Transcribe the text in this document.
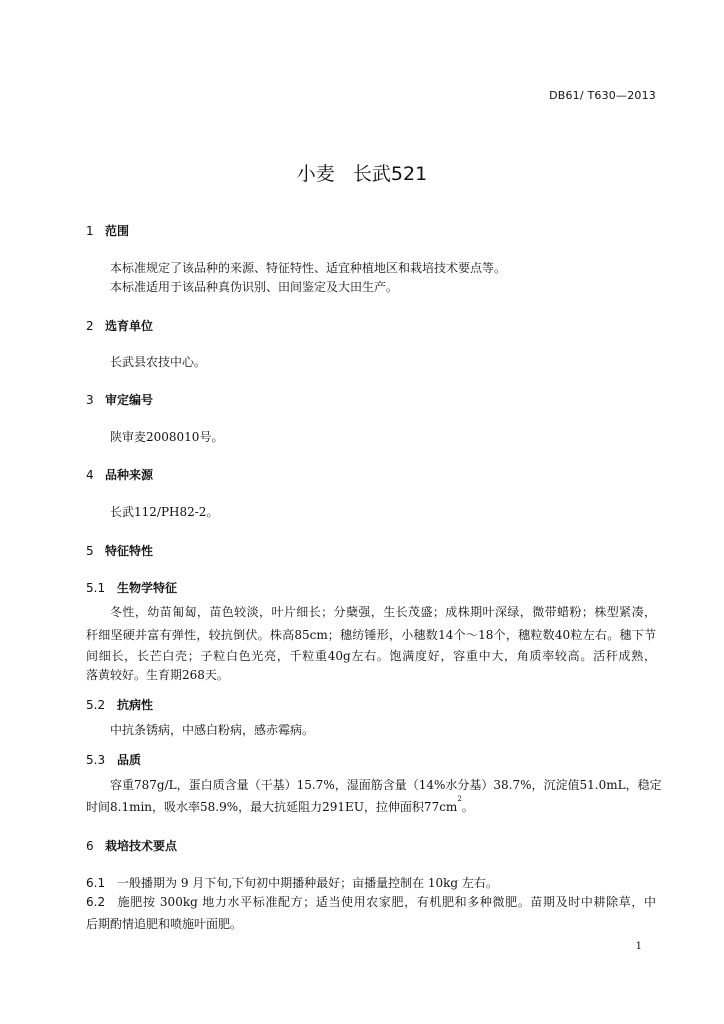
DB61/ T630—2013
小麦   长武521
1 范围
本标准规定了该品种的来源、特征特性、适宜种植地区和栽培技术要点等。
本标准适用于该品种真伪识别、田间鉴定及大田生产。
2 选育单位
长武县农技中心。
3 审定编号
陕审麦2008010号。
4 品种来源
长武112/PH82-2。
5 特征特性
5.1 生物学特征
冬性，幼苗匍匐，苗色较淡，叶片细长；分蘖强，生长茂盛；成株期叶深绿，微带蜡粉；株型紧凑，
秆细坚硬并富有弹性，较抗倒伏。株高85cm；穗纺锤形，小穗数14个～18个，穗粒数40粒左右。穗下节
间细长，长芒白壳；子粒白色光亮，千粒重40g左右。饱满度好，容重中大，角质率较高。活秆成熟，
落黄较好。生育期268天。
5.2 抗病性
中抗条锈病，中感白粉病，感赤霉病。
5.3 品质
容重787g/L，蛋白质含量（干基）15.7%，湿面筋含量（14%水分基）38.7%，沉淀值51.0mL，稳定
时间8.1min，吸水率58.9%，最大抗延阻力291EU，拉伸面积$77cm^2$。
6 栽培技术要点
6.1 一般播期为 9 月下旬,下旬初中期播种最好；亩播量控制在 10kg 左右。
6.2 施肥按 300kg 地力水平标准配方；适当使用农家肥，有机肥和多种微肥。苗期及时中耕除草，中
后期酌情追肥和喷施叶面肥。
1
